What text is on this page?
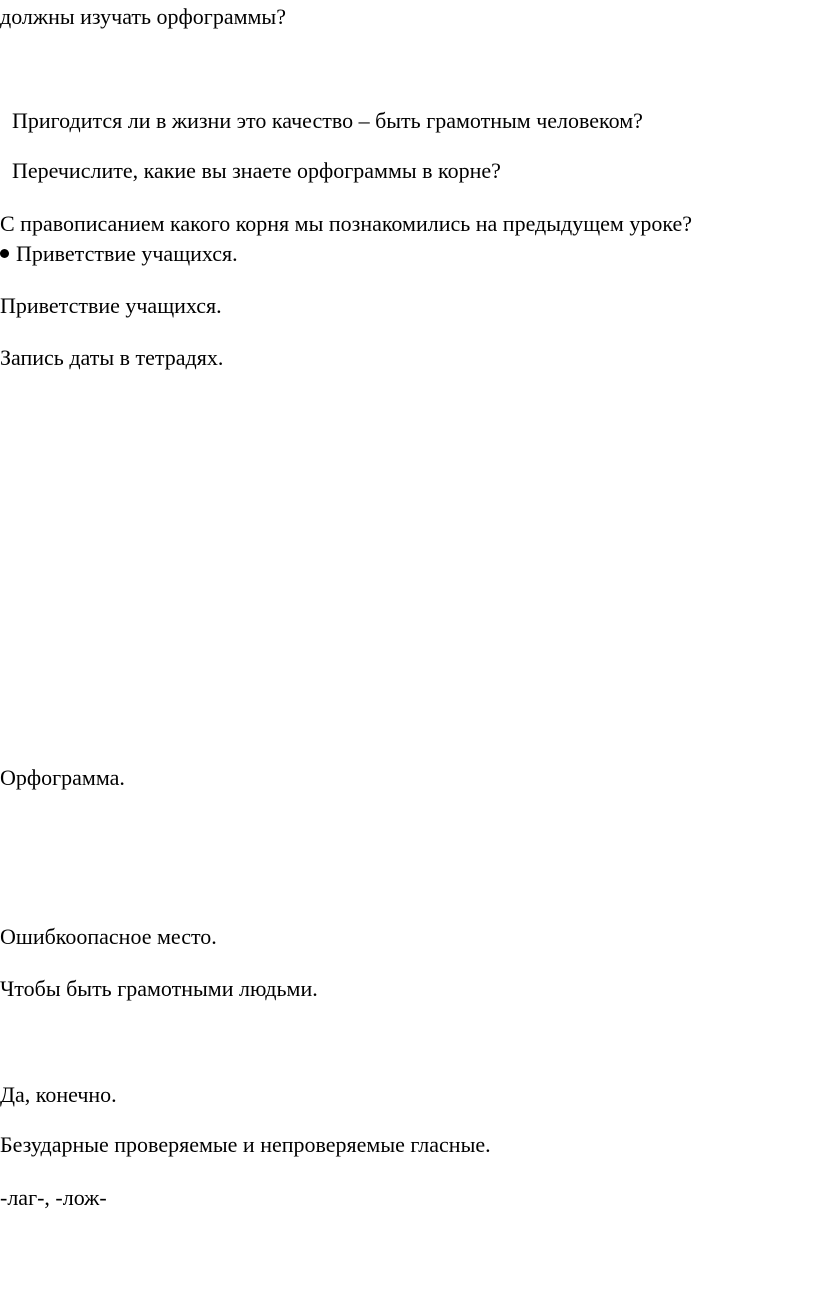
должны изучать орфограммы?
Пригодится ли в жизни это качество – быть грамотным человеком?
Перечислите, какие вы знаете орфограммы в корне?
С правописанием какого корня мы познакомились на предыдущем уроке?
Приветствие учащихся.
Приветствие учащихся.
Запись даты в тетрадях.
Орфограмма.
Ошибкоопасное место.
Чтобы быть грамотными людьми.
Да, конечно.
Безударные проверяемые и непроверяемые гласные.
-лаг-, -лож-
